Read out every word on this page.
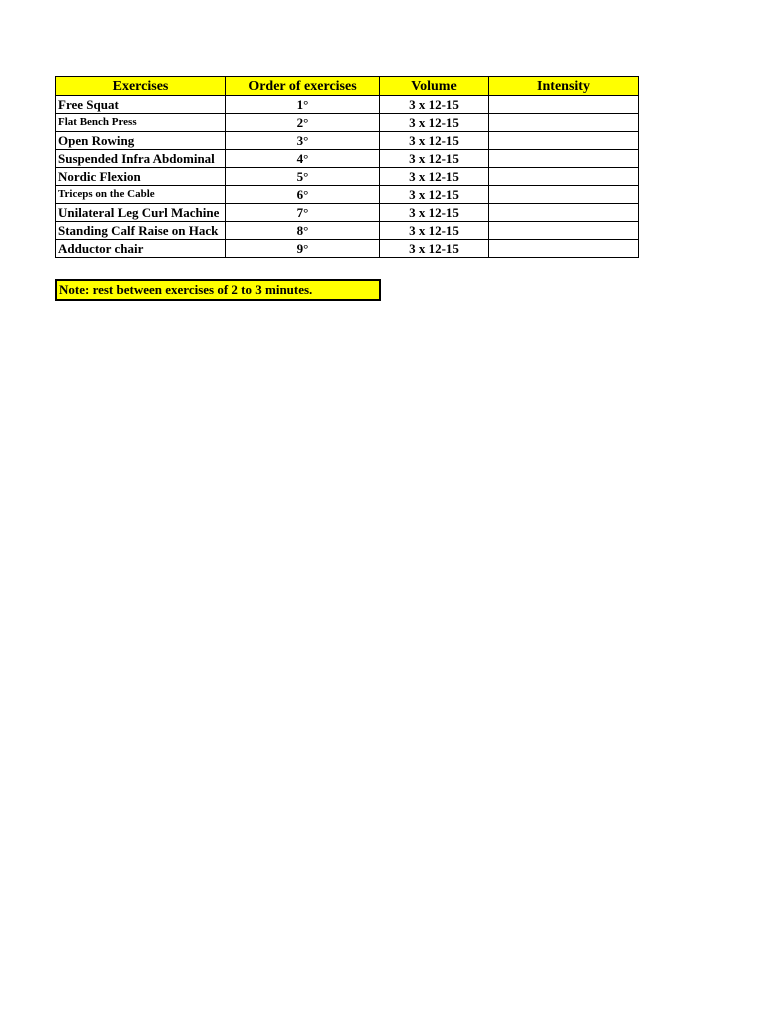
Exercises	Order of exercises	Volume	Intensity
Free Squat	1°	3 x 12-15	
Flat Bench Press	2°	3 x 12-15	
Open Rowing	3°	3 x 12-15	
Suspended Infra Abdominal	4°	3 x 12-15	
Nordic Flexion	5°	3 x 12-15	
Triceps on the Cable	6°	3 x 12-15	
Unilateral Leg Curl Machine	7°	3 x 12-15	
Standing Calf Raise on Hack	8°	3 x 12-15	
Adductor chair	9°	3 x 12-15	
Note: rest between exercises of 2 to 3 minutes.
